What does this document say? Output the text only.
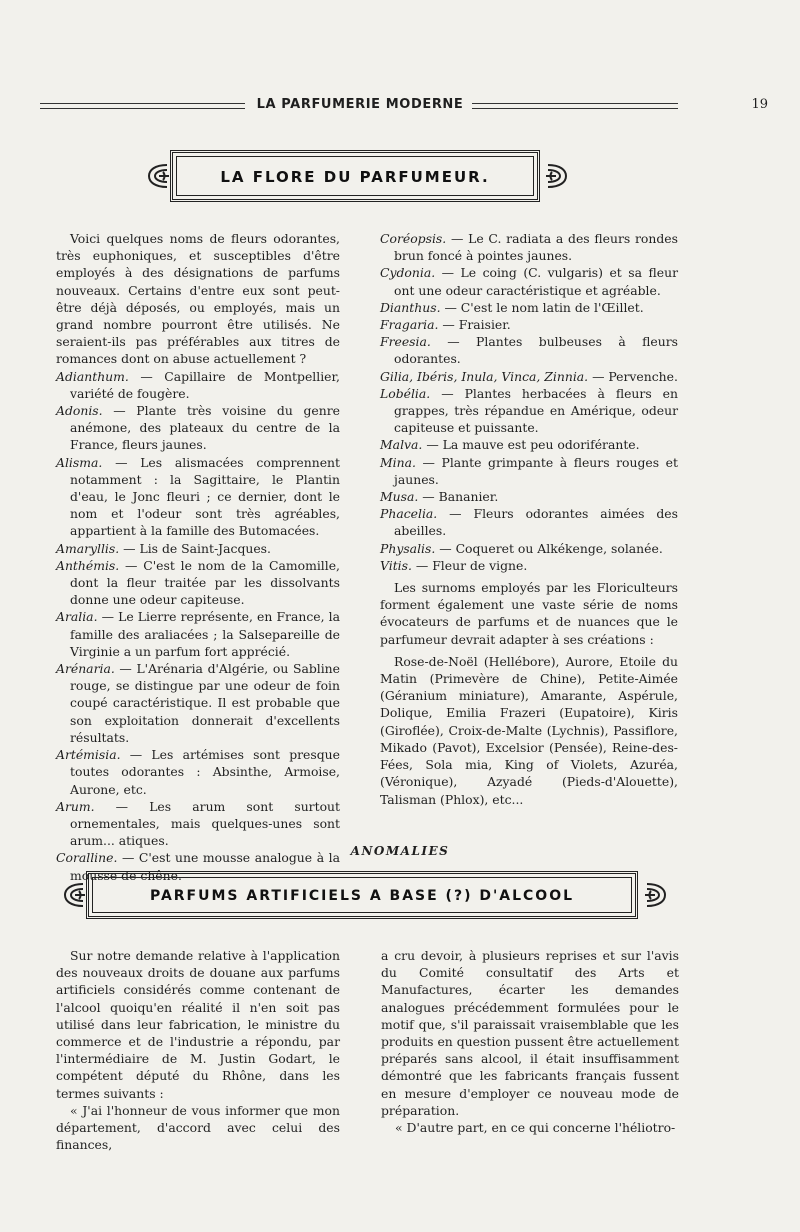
LA PARFUMERIE MODERNE	19
LA FLORE DU PARFUMEUR.

Voici quelques noms de fleurs odorantes, très euphoniques, et susceptibles d'être employés à des désignations de parfums nouveaux. Certains d'entre eux sont peut-être déjà déposés, ou employés, mais un grand nombre pourront être utilisés. Ne seraient-ils pas préférables aux titres de romances dont on abuse actuellement ?

Adianthum. — Capillaire de Montpellier, variété de fougère.

Adonis. — Plante très voisine du genre anémone, des plateaux du centre de la France, fleurs jaunes.

Alisma. — Les alismacées comprennent notamment : la Sagittaire, le Plantin d'eau, le Jonc fleuri ; ce dernier, dont le nom et l'odeur sont très agréables, appartient à la famille des Butomacées.

Amaryllis. — Lis de Saint-Jacques.

Anthémis. — C'est le nom de la Camomille, dont la fleur traitée par les dissolvants donne une odeur capiteuse.

Aralia. — Le Lierre représente, en France, la famille des araliacées ; la Salsepareille de Virginie a un parfum fort apprécié.

Arénaria. — L'Arénaria d'Algérie, ou Sabline rouge, se distingue par une odeur de foin coupé caractéristique. Il est probable que son exploitation donnerait d'excellents résultats.

Artémisia. — Les artémises sont presque toutes odorantes : Absinthe, Armoise, Aurone, etc.

Arum. — Les arum sont surtout ornementales, mais quelques-unes sont arum... atiques.

Coralline. — C'est une mousse analogue à la mousse de chêne.

Coréopsis. — Le C. radiata a des fleurs rondes brun foncé à pointes jaunes.

Cydonia. — Le coing (C. vulgaris) et sa fleur ont une odeur caractéristique et agréable.

Dianthus. — C'est le nom latin de l'Œillet.

Fragaria. — Fraisier.

Freesia. — Plantes bulbeuses à fleurs odorantes.

Gilia, Ibéris, Inula, Vinca, Zinnia. — Pervenche.

Lobélia. — Plantes herbacées à fleurs en grappes, très répandue en Amérique, odeur capiteuse et puissante.

Malva. — La mauve est peu odoriférante.

Mina. — Plante grimpante à fleurs rouges et jaunes.

Musa. — Bananier.

Phacelia. — Fleurs odorantes aimées des abeilles.

Physalis. — Coqueret ou Alkékenge, solanée.

Vitis. — Fleur de vigne.

Les surnoms employés par les Floriculteurs forment également une vaste série de noms évocateurs de parfums et de nuances que le parfumeur devrait adapter à ses créations :

Rose-de-Noël (Hellébore), Aurore, Etoile du Matin (Primevère de Chine), Petite-Aimée (Géranium miniature), Amarante, Aspérule, Dolique, Emilia Frazeri (Eupatoire), Kiris (Giroflée), Croix-de-Malte (Lychnis), Passiflore, Mikado (Pavot), Excelsior (Pensée), Reine-des-Fées, Sola mia, King of Violets, Azuréa, (Véronique), Azyadé (Pieds-d'Alouette), Talisman (Phlox), etc...

ANOMALIES
PARFUMS ARTIFICIELS A BASE (?) D'ALCOOL

Sur notre demande relative à l'application des nouveaux droits de douane aux parfums artificiels considérés comme contenant de l'alcool quoiqu'en réalité il n'en soit pas utilisé dans leur fabrication, le ministre du commerce et de l'industrie a répondu, par l'intermédiaire de M. Justin Godart, le compétent député du Rhône, dans les termes suivants :

« J'ai l'honneur de vous informer que mon département, d'accord avec celui des finances,

a cru devoir, à plusieurs reprises et sur l'avis du Comité consultatif des Arts et Manufactures, écarter les demandes analogues précédemment formulées pour le motif que, s'il paraissait vraisemblable que les produits en question pussent être actuellement préparés sans alcool, il était insuffisamment démontré que les fabricants français fussent en mesure d'employer ce nouveau mode de préparation.

« D'autre part, en ce qui concerne l'héliotro-
